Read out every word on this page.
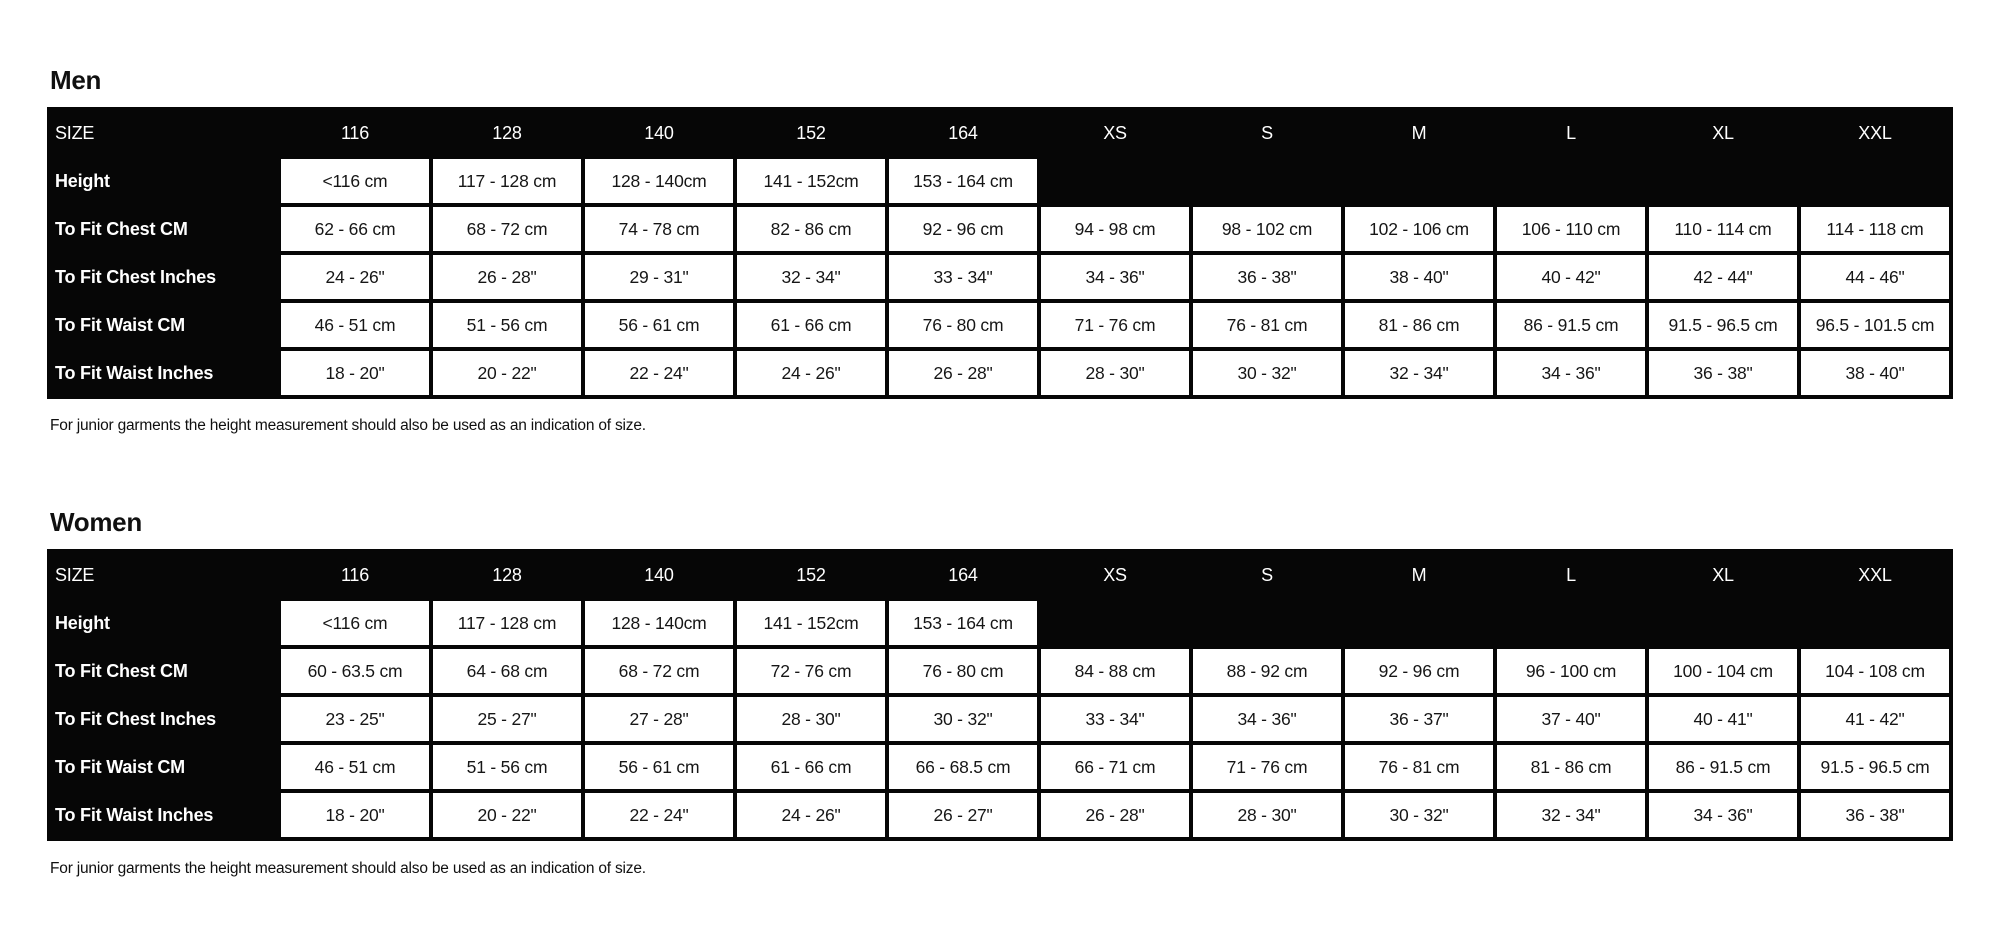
Men
SIZE	116	128	140	152	164	XS	S	M	L	XL	XXL
Height	<116 cm	117 - 128 cm	128 - 140cm	141 - 152cm	153 - 164 cm						
To Fit Chest CM	62 - 66 cm	68 - 72 cm	74 - 78 cm	82 - 86 cm	92 - 96 cm	94 - 98 cm	98 - 102 cm	102 - 106 cm	106 - 110 cm	110 - 114 cm	114 - 118 cm
To Fit Chest Inches	24 - 26"	26 - 28"	29 - 31"	32 - 34"	33 - 34"	34 - 36"	36 - 38"	38 - 40"	40 - 42"	42 - 44"	44 - 46"
To Fit Waist CM	46 - 51 cm	51 - 56 cm	56 - 61 cm	61 - 66 cm	76 - 80 cm	71 - 76 cm	76 - 81 cm	81 - 86 cm	86 - 91.5 cm	91.5 - 96.5 cm	96.5 - 101.5 cm
To Fit Waist Inches	18 - 20"	20 - 22"	22 - 24"	24 - 26"	26 - 28"	28 - 30"	30 - 32"	32 - 34"	34 - 36"	36 - 38"	38 - 40"

For junior garments the height measurement should also be used as an indication of size.

Women
SIZE	116	128	140	152	164	XS	S	M	L	XL	XXL
Height	<116 cm	117 - 128 cm	128 - 140cm	141 - 152cm	153 - 164 cm						
To Fit Chest CM	60 - 63.5 cm	64 - 68 cm	68 - 72 cm	72 - 76 cm	76 - 80 cm	84 - 88 cm	88 - 92 cm	92 - 96 cm	96 - 100 cm	100 - 104 cm	104 - 108 cm
To Fit Chest Inches	23 - 25"	25 - 27"	27 - 28"	28 - 30"	30 - 32"	33 - 34"	34 - 36"	36 - 37"	37 - 40"	40 - 41"	41 - 42"
To Fit Waist CM	46 - 51 cm	51 - 56 cm	56 - 61 cm	61 - 66 cm	66 - 68.5 cm	66 - 71 cm	71 - 76 cm	76 - 81 cm	81 - 86 cm	86 - 91.5 cm	91.5 - 96.5 cm
To Fit Waist Inches	18 - 20"	20 - 22"	22 - 24"	24 - 26"	26 - 27"	26 - 28"	28 - 30"	30 - 32"	32 - 34"	34 - 36"	36 - 38"

For junior garments the height measurement should also be used as an indication of size.
